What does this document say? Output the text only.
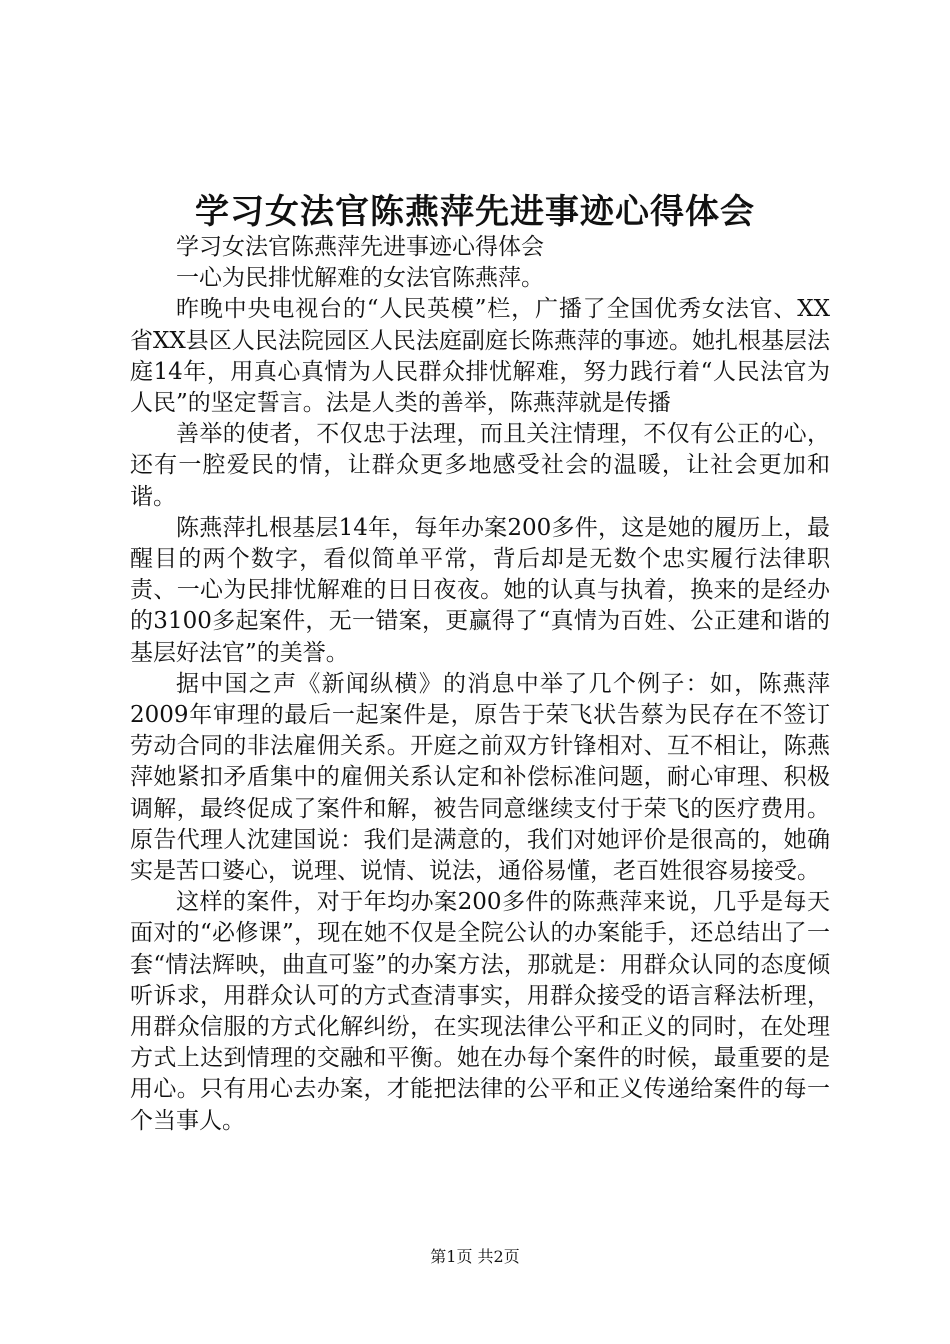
学习女法官陈燕萍先进事迹心得体会

学习女法官陈燕萍先进事迹心得体会

一心为民排忧解难的女法官陈燕萍。

昨晚中央电视台的“人民英模”栏，广播了全国优秀女法官、XX省XX县区人民法院园区人民法庭副庭长陈燕萍的事迹。她扎根基层法庭14年，用真心真情为人民群众排忧解难，努力践行着“人民法官为人民”的坚定誓言。法是人类的善举，陈燕萍就是传播

善举的使者，不仅忠于法理，而且关注情理，不仅有公正的心，还有一腔爱民的情，让群众更多地感受社会的温暖，让社会更加和谐。

陈燕萍扎根基层14年，每年办案200多件，这是她的履历上，最醒目的两个数字，看似简单平常，背后却是无数个忠实履行法律职责、一心为民排忧解难的日日夜夜。她的认真与执着，换来的是经办的3100多起案件，无一错案，更赢得了“真情为百姓、公正建和谐的基层好法官”的美誉。

据中国之声《新闻纵横》的消息中举了几个例子：如，陈燕萍2009年审理的最后一起案件是，原告于荣飞状告蔡为民存在不签订劳动合同的非法雇佣关系。开庭之前双方针锋相对、互不相让，陈燕萍她紧扣矛盾集中的雇佣关系认定和补偿标准问题，耐心审理、积极调解，最终促成了案件和解，被告同意继续支付于荣飞的医疗费用。原告代理人沈建国说：我们是满意的，我们对她评价是很高的，她确实是苦口婆心，说理、说情、说法，通俗易懂，老百姓很容易接受。

这样的案件，对于年均办案200多件的陈燕萍来说，几乎是每天面对的“必修课”，现在她不仅是全院公认的办案能手，还总结出了一套“情法辉映，曲直可鉴”的办案方法，那就是：用群众认同的态度倾听诉求，用群众认可的方式查清事实，用群众接受的语言释法析理，用群众信服的方式化解纠纷，在实现法律公平和正义的同时，在处理方式上达到情理的交融和平衡。她在办每个案件的时候，最重要的是用心。只有用心去办案，才能把法律的公平和正义传递给案件的每一个当事人。

第1页 共2页
